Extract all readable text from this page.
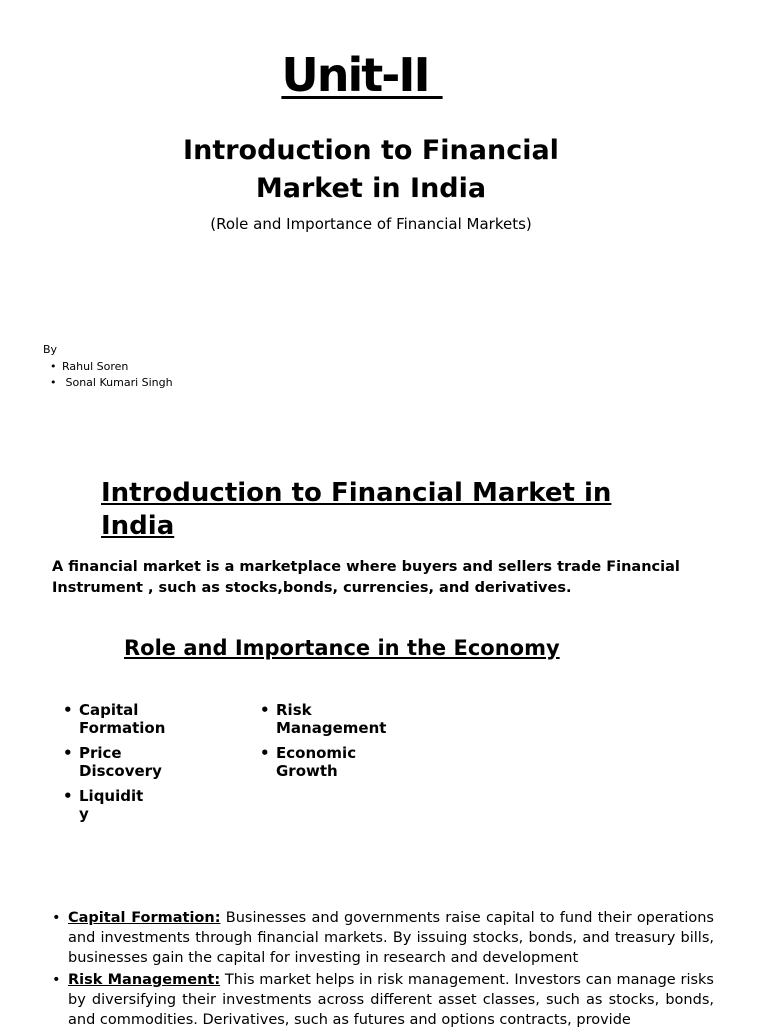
Unit-II
Introduction to Financial Market in India
(Role and Importance of Financial Markets)
By
• Rahul Soren
• Sonal Kumari Singh
Introduction to Financial Market in India
A financial market is a marketplace where buyers and sellers trade Financial Instrument , such as stocks,bonds, currencies, and derivatives.
Role and Importance in the Economy
• Capital Formation
• Price Discovery
• Liquidity
• Risk Management
• Economic Growth
• Capital Formation: Businesses and governments raise capital to fund their operations and investments through financial markets. By issuing stocks, bonds, and treasury bills, businesses gain the capital for investing in research and development
• Risk Management: This market helps in risk management. Investors can manage risks by diversifying their investments across different asset classes, such as stocks, bonds, and commodities. Derivatives, such as futures and options contracts, provide
